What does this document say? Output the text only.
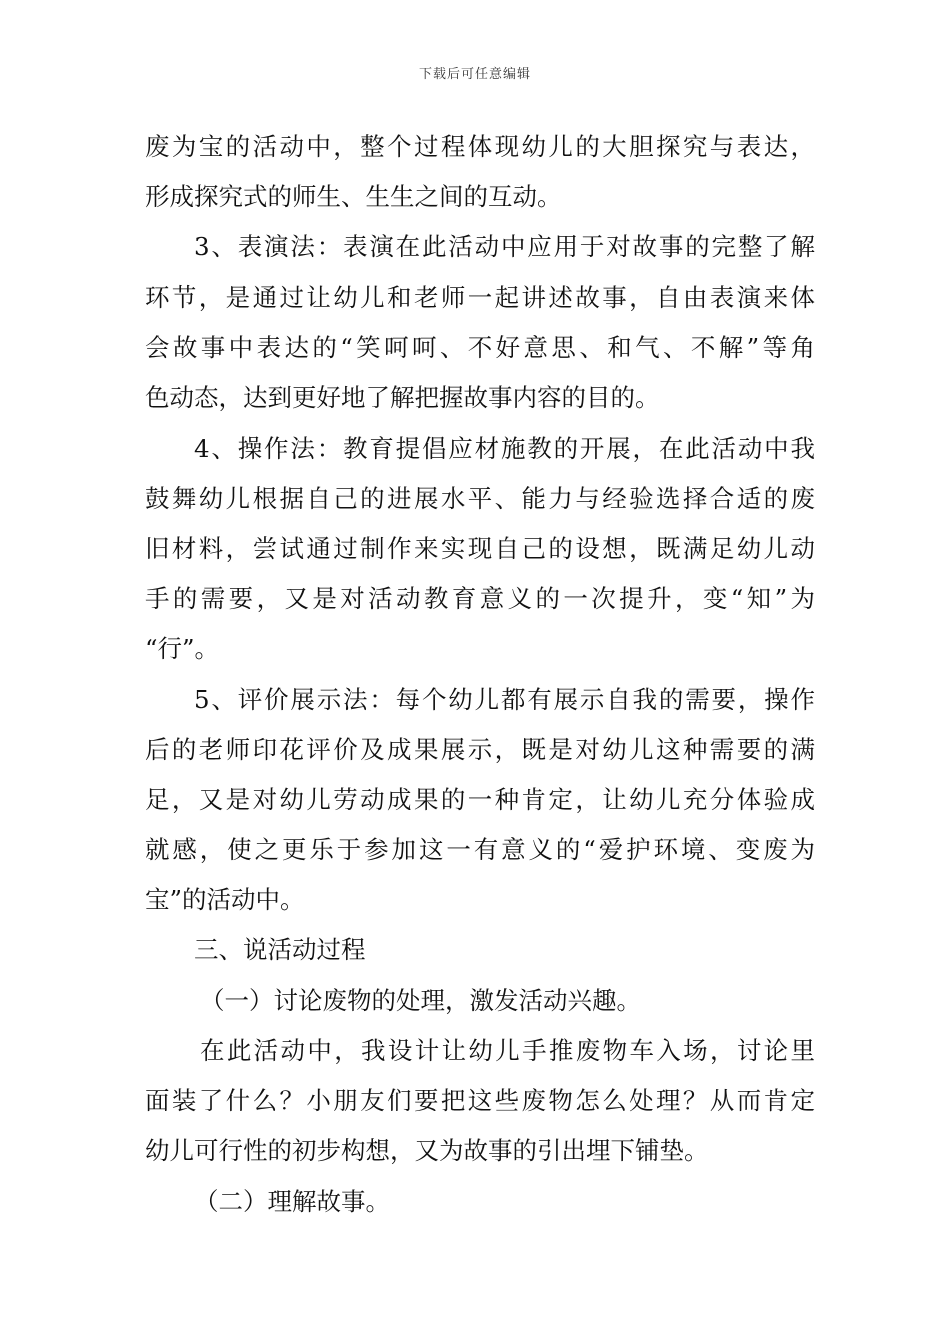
下载后可任意编辑
废为宝的活动中，整个过程体现幼儿的大胆探究与表达，
形成探究式的师生、生生之间的互动。
3、表演法：表演在此活动中应用于对故事的完整了解
环节，是通过让幼儿和老师一起讲述故事，自由表演来体
会故事中表达的“笑呵呵、不好意思、和气、不解”等角
色动态，达到更好地了解把握故事内容的目的。
4、操作法：教育提倡应材施教的开展，在此活动中我
鼓舞幼儿根据自己的进展水平、能力与经验选择合适的废
旧材料，尝试通过制作来实现自己的设想，既满足幼儿动
手的需要，又是对活动教育意义的一次提升，变“知”为
“行”。
5、评价展示法：每个幼儿都有展示自我的需要，操作
后的老师印花评价及成果展示，既是对幼儿这种需要的满
足，又是对幼儿劳动成果的一种肯定，让幼儿充分体验成
就感，使之更乐于参加这一有意义的“爱护环境、变废为
宝”的活动中。
三、说活动过程
（一）讨论废物的处理，激发活动兴趣。
在此活动中，我设计让幼儿手推废物车入场，讨论里
面装了什么？小朋友们要把这些废物怎么处理？从而肯定
幼儿可行性的初步构想，又为故事的引出埋下铺垫。
（二）理解故事。
